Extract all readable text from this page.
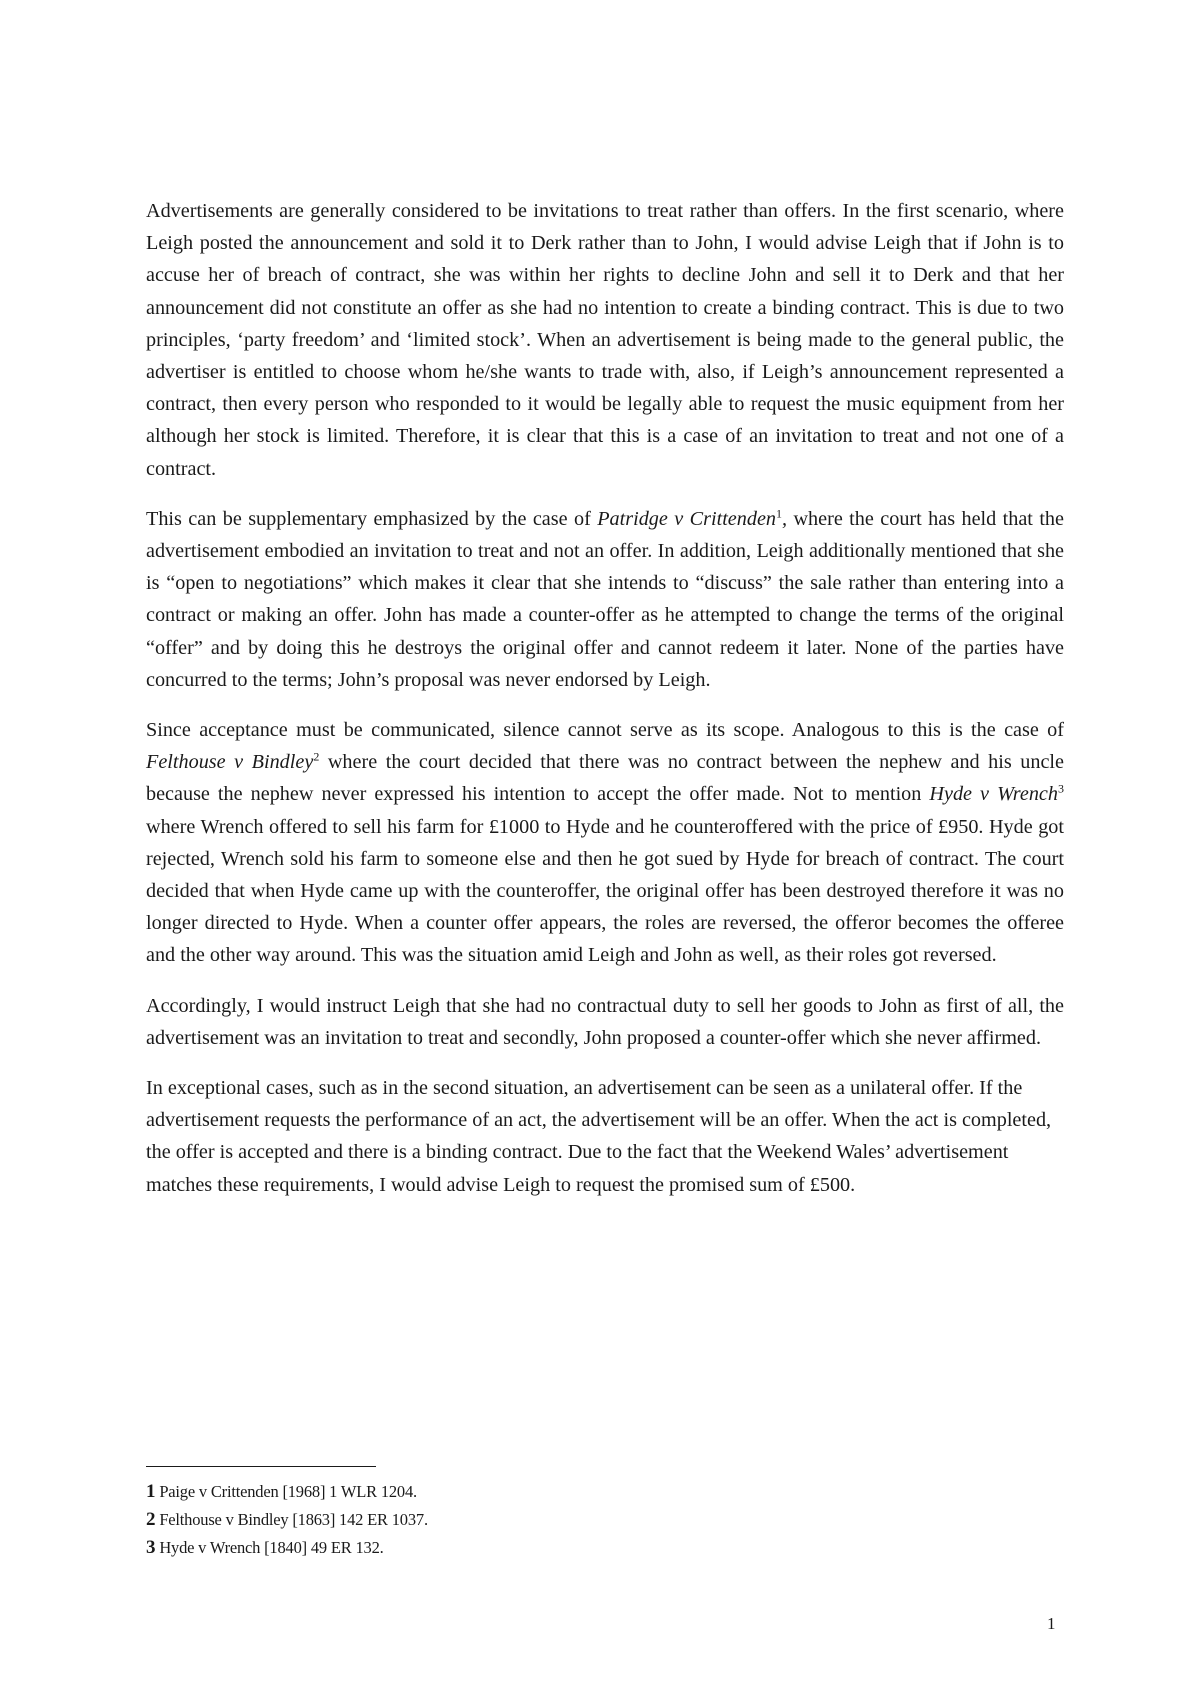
Advertisements are generally considered to be invitations to treat rather than offers. In the first scenario, where Leigh posted the announcement and sold it to Derk rather than to John, I would advise Leigh that if John is to accuse her of breach of contract, she was within her rights to decline John and sell it to Derk and that her announcement did not constitute an offer as she had no intention to create a binding contract. This is due to two principles, ‘party freedom’ and ‘limited stock’. When an advertisement is being made to the general public, the advertiser is entitled to choose whom he/she wants to trade with, also, if Leigh’s announcement represented a contract, then every person who responded to it would be legally able to request the music equipment from her although her stock is limited. Therefore, it is clear that this is a case of an invitation to treat and not one of a contract.

This can be supplementary emphasized by the case of Patridge v Crittenden$^1$, where the court has held that the advertisement embodied an invitation to treat and not an offer. In addition, Leigh additionally mentioned that she is “open to negotiations” which makes it clear that she intends to “discuss” the sale rather than entering into a contract or making an offer. John has made a counter-offer as he attempted to change the terms of the original “offer” and by doing this he destroys the original offer and cannot redeem it later. None of the parties have concurred to the terms; John’s proposal was never endorsed by Leigh.

Since acceptance must be communicated, silence cannot serve as its scope. Analogous to this is the case of Felthouse v Bindley$^2$ where the court decided that there was no contract between the nephew and his uncle because the nephew never expressed his intention to accept the offer made. Not to mention Hyde v Wrench$^3$ where Wrench offered to sell his farm for £1000 to Hyde and he counteroffered with the price of £950. Hyde got rejected, Wrench sold his farm to someone else and then he got sued by Hyde for breach of contract. The court decided that when Hyde came up with the counteroffer, the original offer has been destroyed therefore it was no longer directed to Hyde. When a counter offer appears, the roles are reversed, the offeror becomes the offeree and the other way around. This was the situation amid Leigh and John as well, as their roles got reversed.

Accordingly, I would instruct Leigh that she had no contractual duty to sell her goods to John as first of all, the advertisement was an invitation to treat and secondly, John proposed a counter-offer which she never affirmed.

In exceptional cases, such as in the second situation, an advertisement can be seen as a unilateral offer. If the advertisement requests the performance of an act, the advertisement will be an offer. When the act is completed, the offer is accepted and there is a binding contract. Due to the fact that the Weekend Wales’ advertisement matches these requirements, I would advise Leigh to request the promised sum of £500.

1 Paige v Crittenden [1968] 1 WLR 1204.
2 Felthouse v Bindley [1863] 142 ER 1037.
3 Hyde v Wrench [1840] 49 ER 132.
1
